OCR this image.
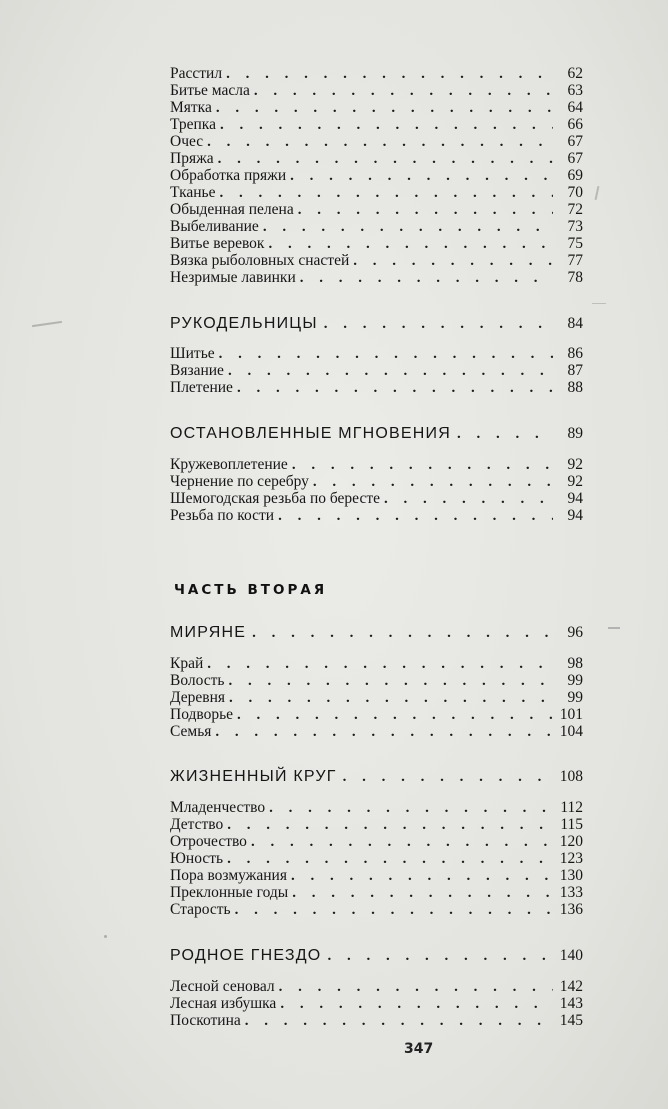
Расстил . . .	62
Битье масла . . .	63
Мятка . . .	64
Трепка . . .	66
Очес . . .	67
Пряжа . . .	67
Обработка пряжи . . .	69
Тканье . . .	70
Обыденная пелена . . .	72
Выбеливание . . .	73
Витье веревок . . .	75
Вязка рыболовных снастей . . .	77
Незримые лавинки . . .	78
РУКОДЕЛЬНИЦЫ . . .	84
Шитье . . .	86
Вязание . . .	87
Плетение . . .	88
ОСТАНОВЛЕННЫЕ МГНОВЕНИЯ . . .	89
Кружевоплетение . . .	92
Чернение по серебру . . .	92
Шемогодская резьба по бересте . . .	94
Резьба по кости . . .	94
ЧАСТЬ ВТОРАЯ
МИРЯНЕ . . .	96
Край . . .	98
Волость . . .	99
Деревня . . .	99
Подворье . . .	101
Семья . . .	104
ЖИЗНЕННЫЙ КРУГ . . .	108
Младенчество . . .	112
Детство . . .	115
Отрочество . . .	120
Юность . . .	123
Пора возмужания . . .	130
Преклонные годы . . .	133
Старость . . .	136
РОДНОЕ ГНЕЗДО . . .	140
Лесной сеновал . . .	142
Лесная избушка . . .	143
Поскотина . . .	145
347
